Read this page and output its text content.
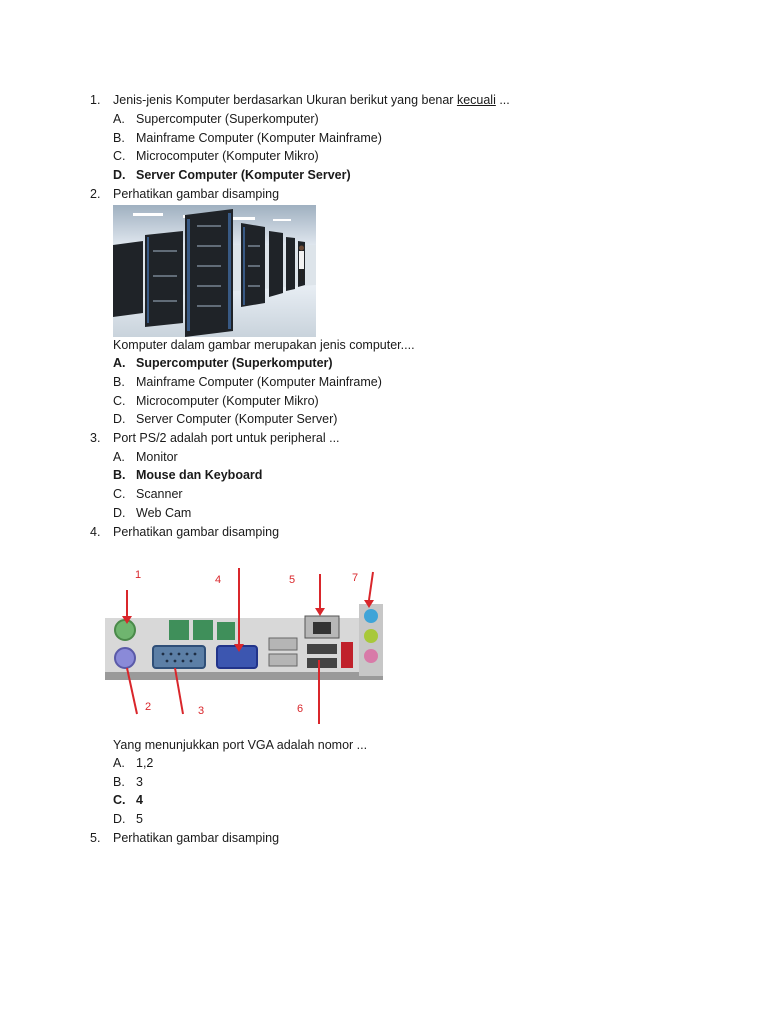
1. Jenis-jenis Komputer berdasarkan Ukuran berikut yang benar kecuali ...
A. Supercomputer (Superkomputer)
B. Mainframe Computer (Komputer Mainframe)
C. Microcomputer (Komputer Mikro)
D. Server Computer (Komputer Server)
2. Perhatikan gambar disamping
Komputer dalam gambar merupakan jenis computer....
A. Supercomputer (Superkomputer)
B. Mainframe Computer (Komputer Mainframe)
C. Microcomputer (Komputer Mikro)
D. Server Computer (Komputer Server)
3. Port PS/2 adalah port untuk peripheral ...
A. Monitor
B. Mouse dan Keyboard
C. Scanner
D. Web Cam
4. Perhatikan gambar disamping
1
2	3
4	5
6
7
Yang menunjukkan port VGA adalah nomor ...
A. 1,2
B. 3
C. 4
D. 5
5. Perhatikan gambar disamping
